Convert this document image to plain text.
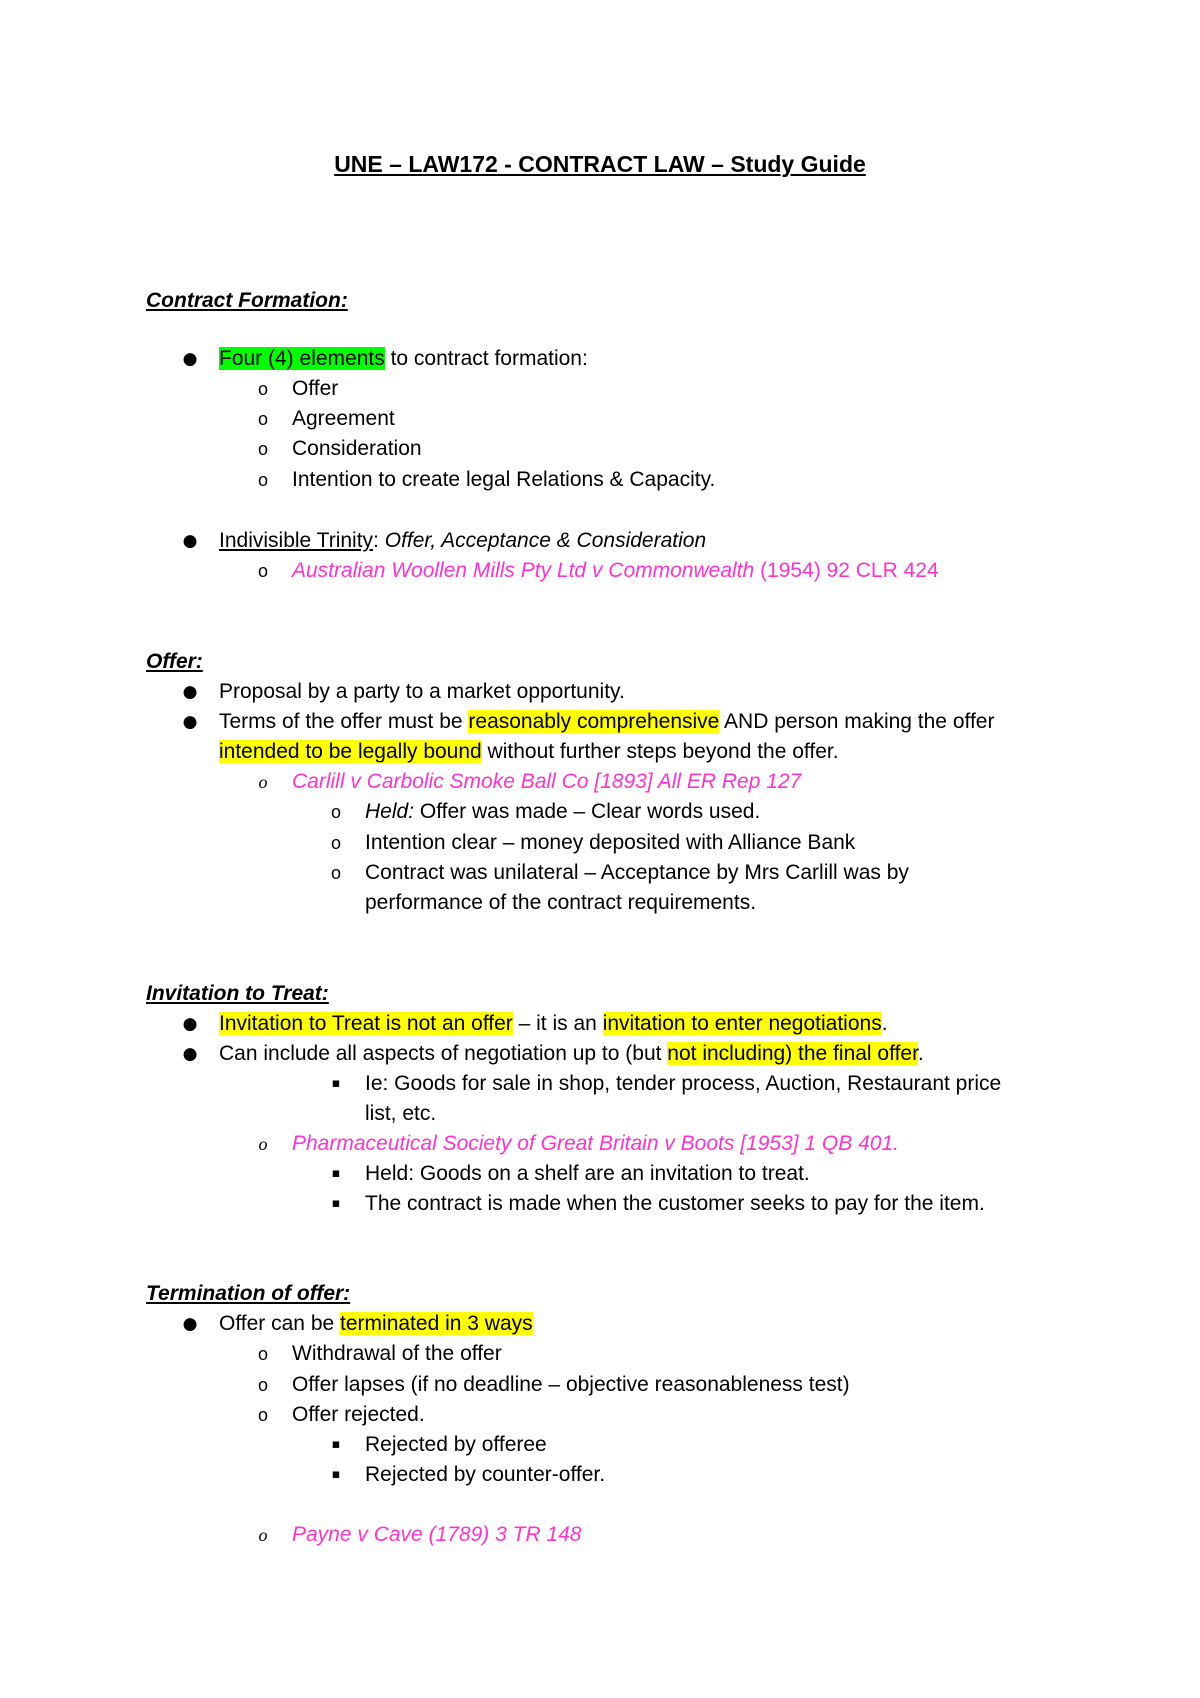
UNE – LAW172 - CONTRACT LAW – Study Guide
Contract Formation:
● Four (4) elements to contract formation:
o Offer
o Agreement
o Consideration
o Intention to create legal Relations & Capacity.
● Indivisible Trinity: Offer, Acceptance & Consideration
o Australian Woollen Mills Pty Ltd v Commonwealth (1954) 92 CLR 424
Offer:
● Proposal by a party to a market opportunity.
● Terms of the offer must be reasonably comprehensive AND person making the offer
intended to be legally bound without further steps beyond the offer.
o	Carlill v Carbolic Smoke Ball Co [1893] All ER Rep 127
o Held: Offer was made – Clear words used.
o Intention clear – money deposited with Alliance Bank
o Contract was unilateral – Acceptance by Mrs Carlill was by
performance of the contract requirements.
Invitation to Treat:
● Invitation to Treat is not an offer – it is an invitation to enter negotiations.
● Can include all aspects of negotiation up to (but not including) the final offer.
▪	Ie: Goods for sale in shop, tender process, Auction, Restaurant price
list, etc.
o	Pharmaceutical Society of Great Britain v Boots [1953] 1 QB 401.
▪	Held: Goods on a shelf are an invitation to treat.
▪	The contract is made when the customer seeks to pay for the item.
Termination of offer:
● Offer can be terminated in 3 ways
o Withdrawal of the offer
o Offer lapses (if no deadline – objective reasonableness test)
o Offer rejected.
▪	Rejected by offeree
▪	Rejected by counter-offer.
o	Payne v Cave (1789) 3 TR 148
